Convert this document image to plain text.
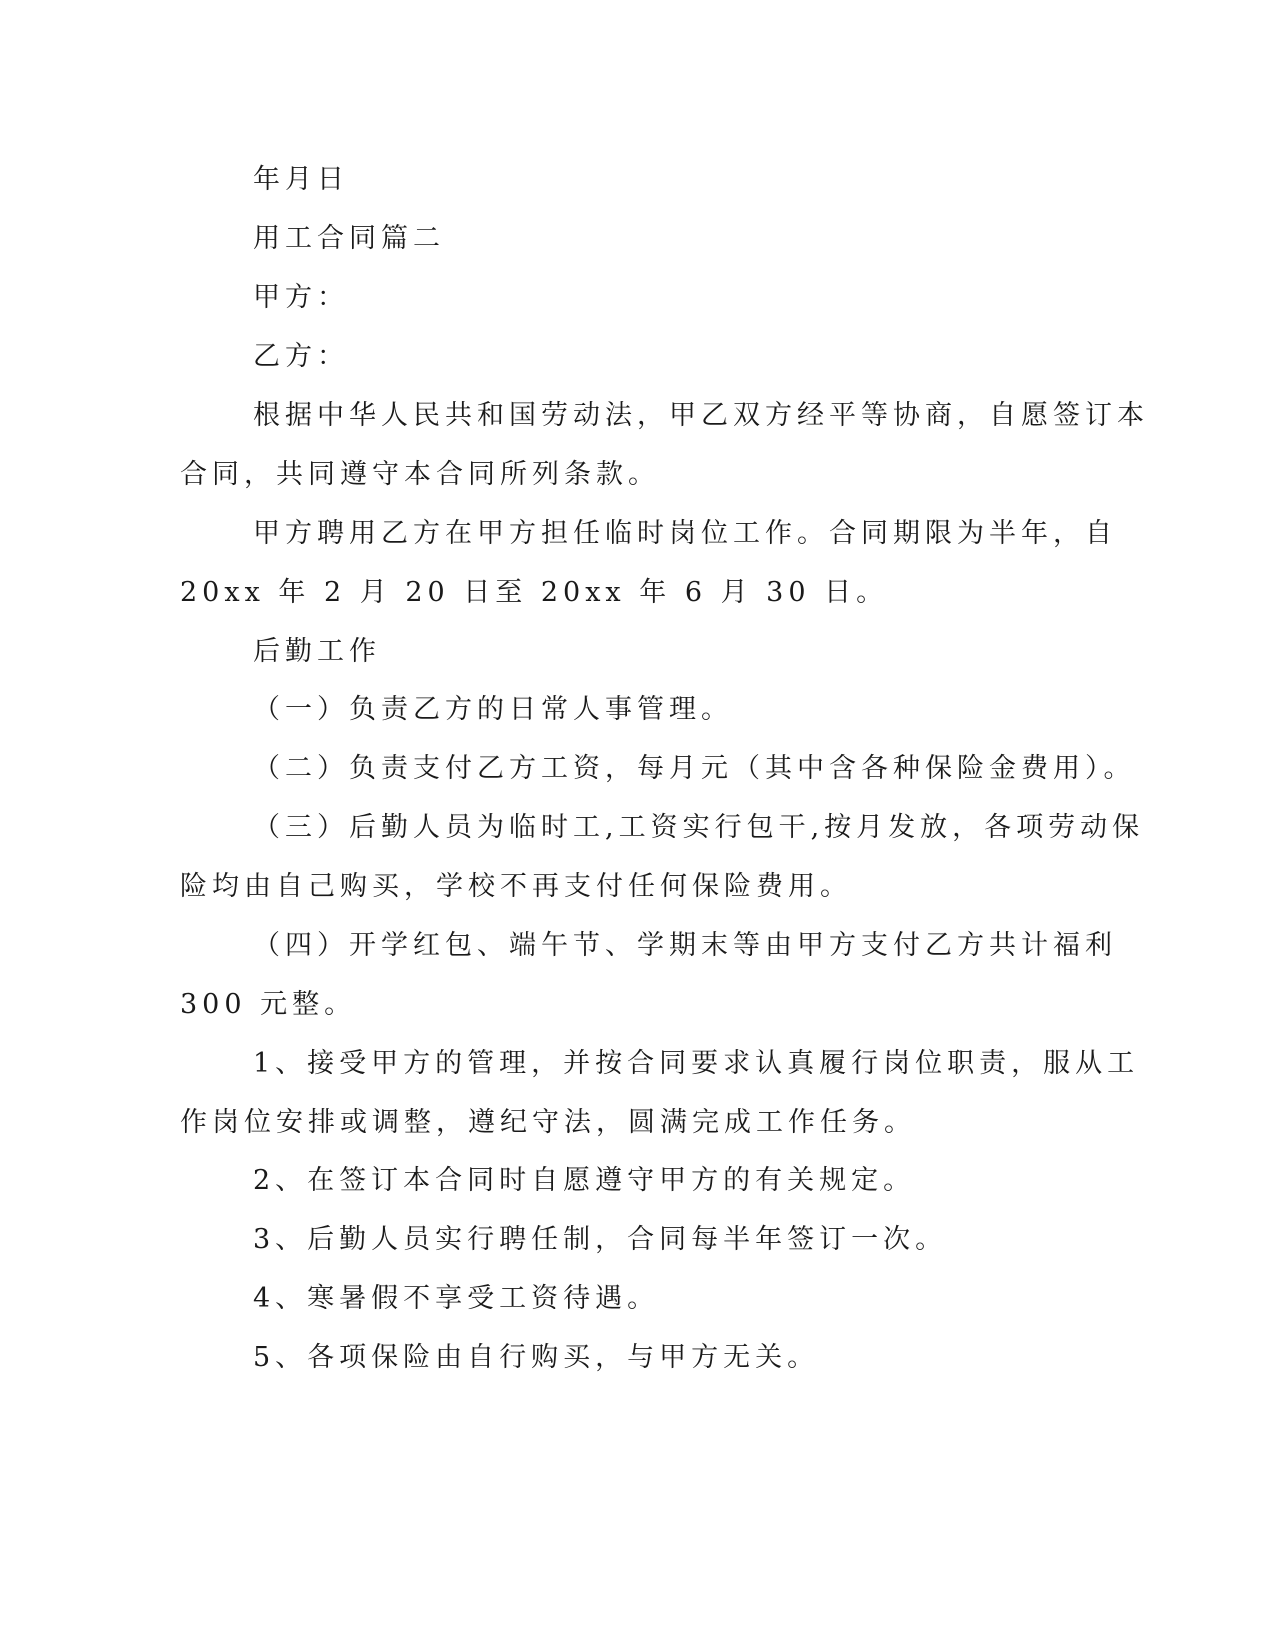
年月日

用工合同篇二

甲方：

乙方：

根据中华人民共和国劳动法，甲乙双方经平等协商，自愿签订本

合同，共同遵守本合同所列条款。

甲方聘用乙方在甲方担任临时岗位工作。合同期限为半年，自

20xx 年 2 月 20 日至 20xx 年 6 月 30 日。

后勤工作

（一）负责乙方的日常人事管理。

（二）负责支付乙方工资，每月元（其中含各种保险金费用）。

（三）后勤人员为临时工,工资实行包干,按月发放，各项劳动保

险均由自己购买，学校不再支付任何保险费用。

（四）开学红包、端午节、学期末等由甲方支付乙方共计福利

300 元整。

1、接受甲方的管理，并按合同要求认真履行岗位职责，服从工

作岗位安排或调整，遵纪守法，圆满完成工作任务。

2、在签订本合同时自愿遵守甲方的有关规定。

3、后勤人员实行聘任制，合同每半年签订一次。

4、寒暑假不享受工资待遇。

5、各项保险由自行购买，与甲方无关。
